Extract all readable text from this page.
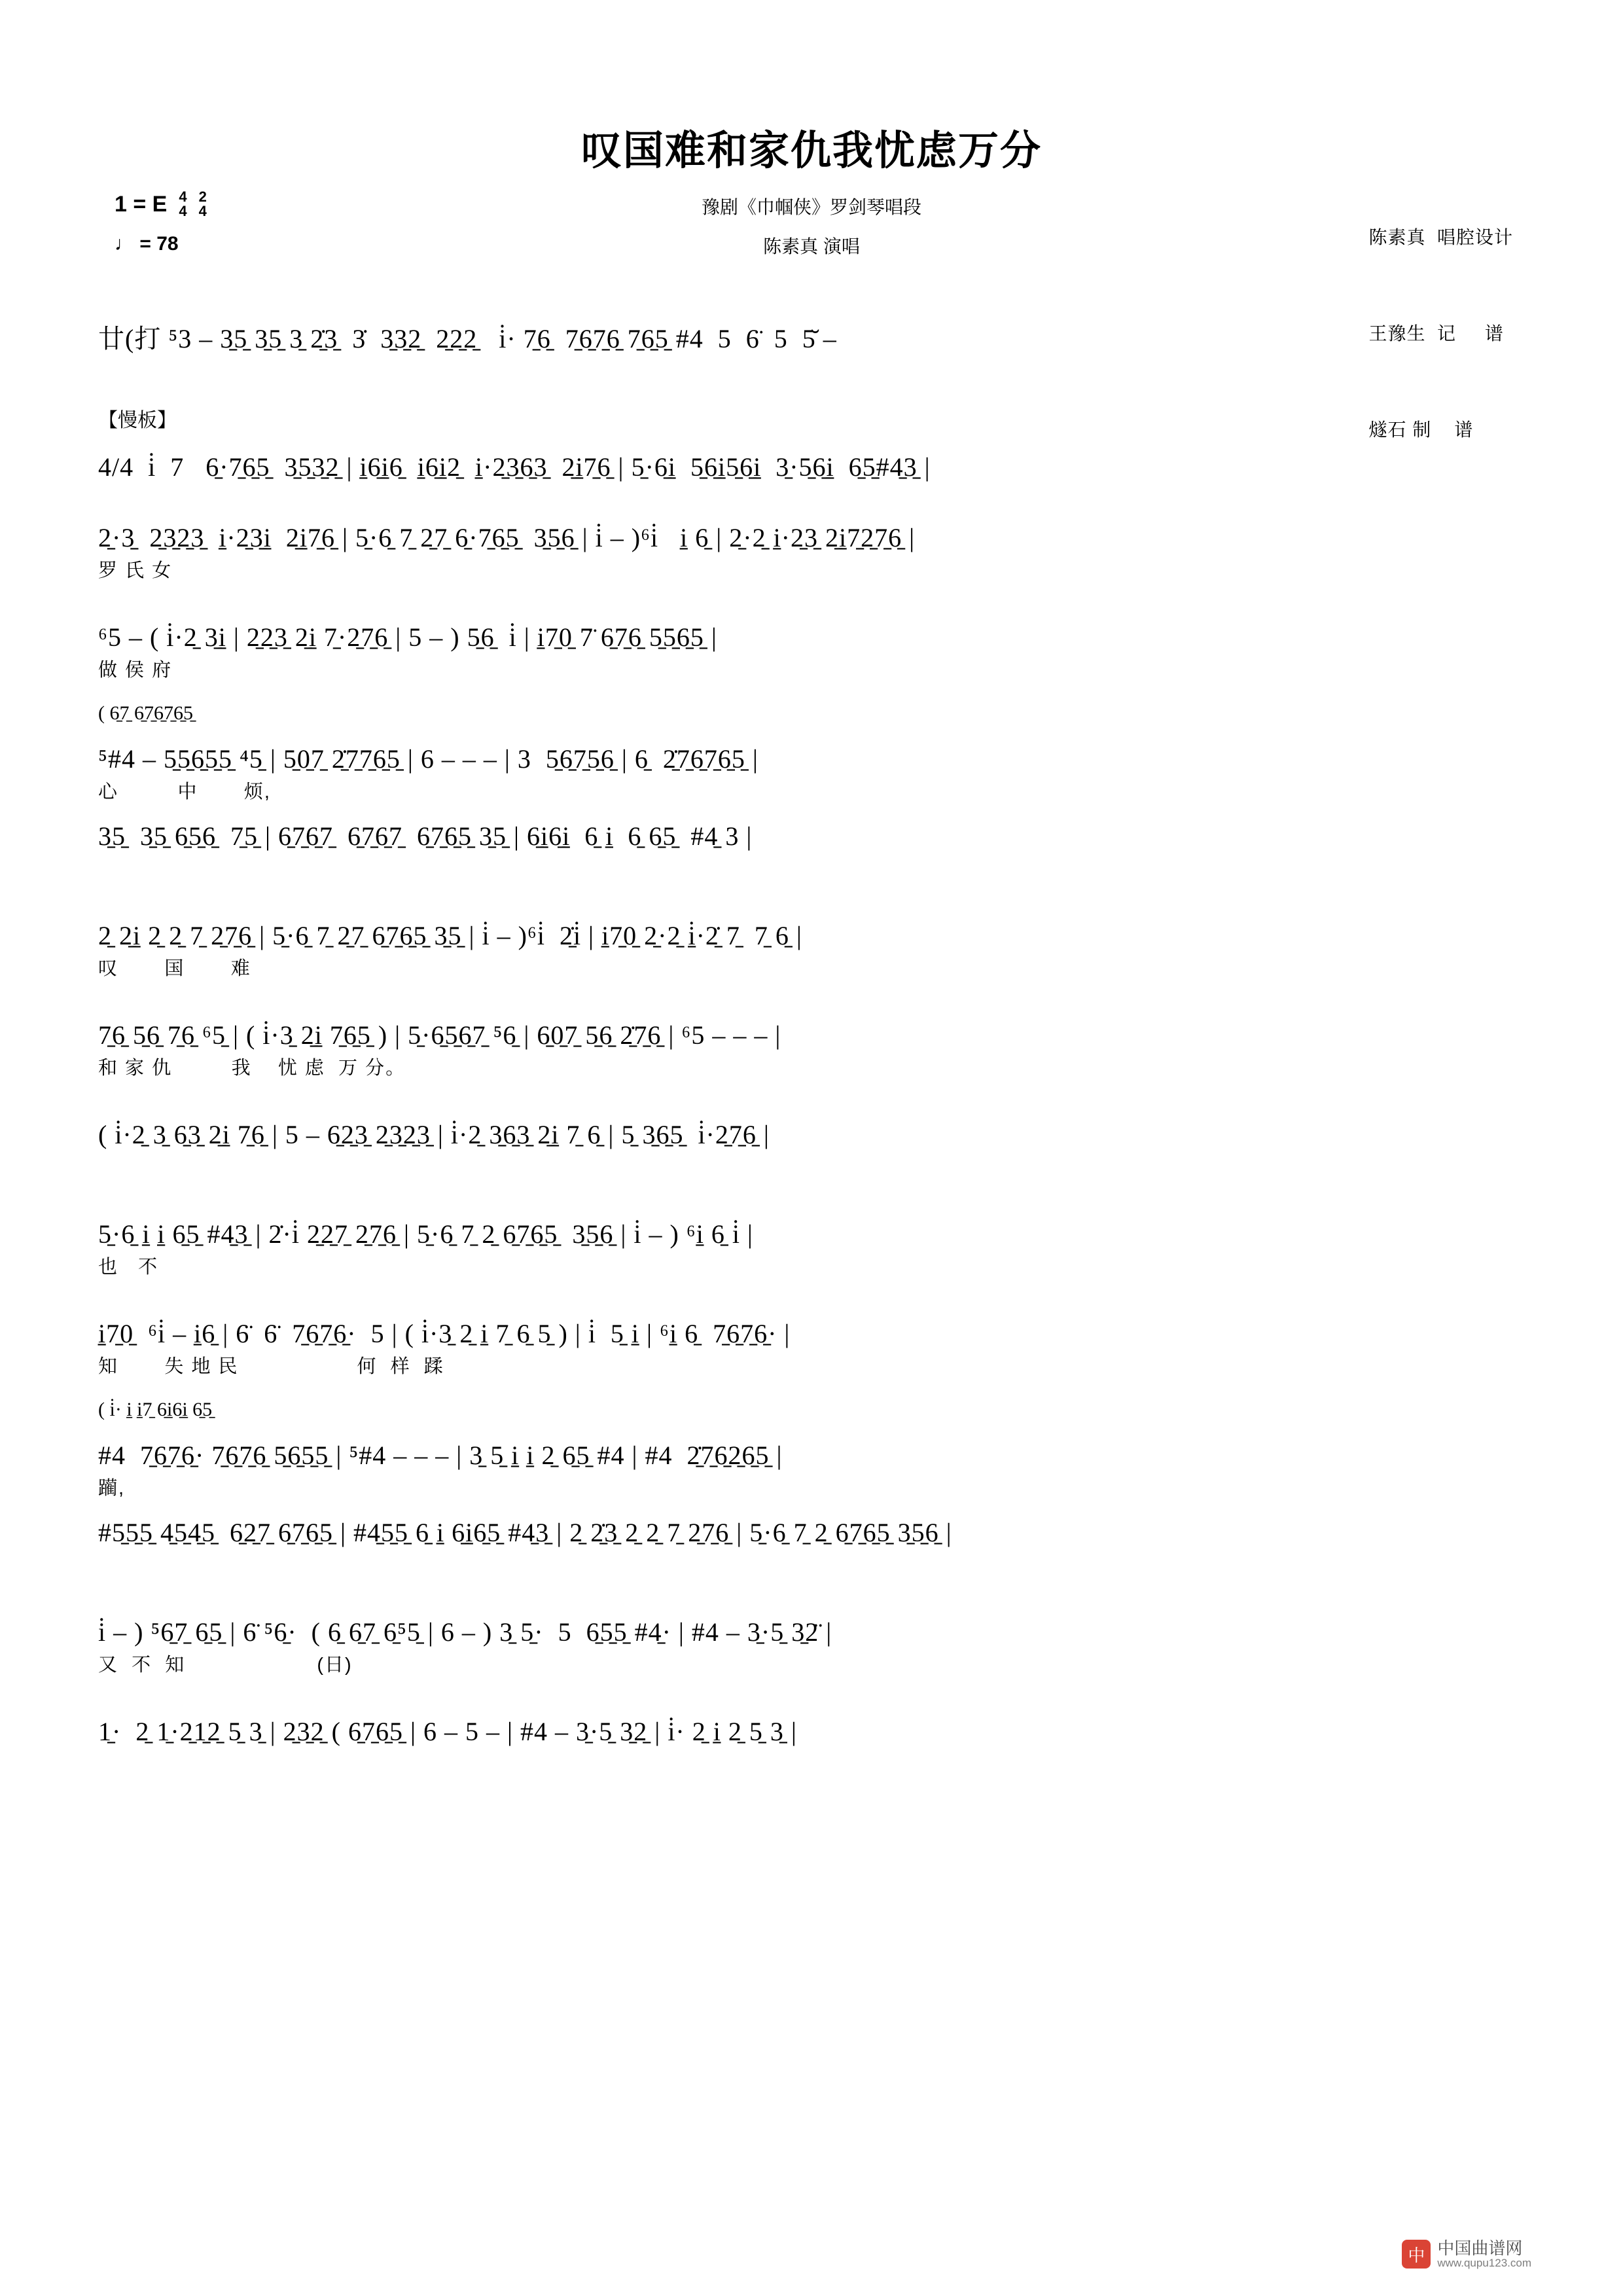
叹国难和家仇我忧虑万分
豫剧《巾帼侠》罗剑琴唱段
陈素真 演唱

	陈素真  唱腔设计

王豫生  记     谱

燧石 制    谱

1 = E 4
4
2
4
♩ = 78
廿(打 ⁵3 – 3̱5̱ 3̱5̱ 3̱ 2̱̇3̱  3̇  3̱3̱2̱  2̱2̱2̱   i̇· 7̱6̱  7̱6̱7̱6̱ 7̱6̱5̱ #4  5  6̈  5  5̆ –
【慢板】
4/4  i̇  7   6̱·7̱6̱5̱  3̱5̱3̱2̱ | i̱6̱i̱6̱  i̱6̱i̱2̱  i̱·2̱3̱6̱3̱  2̱i̱7̱6̱ | 5̱·6̱i̱  5̱6̱i̱5̱6̱i̱  3̱·5̱6̱i̱  6̱5̱#4̱3̱ |
2̱·3̱  2̱3̱2̱3̱  i̱·2̱3̱i̱  2̱i̱7̱6̱ | 5̱·6̱ 7̱ 2̱7̱ 6̱·7̱6̱5̱  3̱5̱6̱ | i̇ – )⁶i̇   i̱ 6̱ | 2̱·2̱ i̱·2̱3̱ 2̱i̱7̱2̱7̱6̱ |
罗 氏 女
⁶5 – ( i̇·2̱ 3̱i̱ | 2̱2̱3̱ 2̱i̱ 7̱·2̱7̱6̱ | 5 – ) 5̱6̱  i̇ | i̱7̱0̱ 7̈ 6̱7̱6̱ 5̱5̱6̱5̱ |
做 侯 府
( 6̱7̱ 6̱7̱6̱7̱6̱5̱
⁵#4 – 5̱5̱6̱5̱5̱ ⁴5̱ | 5̱0̱7̱ 2̱̇7̱7̱6̱5̱ | 6 – – – | 3  5̱6̱7̱5̱6̱ | 6̱  2̱̇7̱6̱7̱6̱5̱ |
心         中       烦,
3̱5̱  3̱5̱ 6̱5̱6̱  7̱5̱ | 6̱7̱6̱7̱  6̱7̱6̱7̱  6̱7̱6̱5̱ 3̱5̱ | 6̱i̱6̱i̱  6̱ i̱  6̱ 6̱5̱  #4̱ 3 |
2̱ 2̱i̱ 2̱ 2̱ 7̱ 2̱7̱6̱ | 5̱·6̱ 7̱ 2̱7̱ 6̱7̱6̱5̱ 3̱5̱ | i̇ – )⁶i̇  2̱̇i̇ | i̱7̱0̱ 2̱·2̱ i̱̇·2̱̇ 7̱  7̱ 6̱ |
叹       国       难
7̱6̱ 5̱6̱ 7̱6̱ ⁶5̱ | ( i̇·3̱ 2̱i̱ 7̱6̱5̱ ) | 5̱·6̱5̱6̱7̱ ⁵6̱ | 6̱0̱7̱ 5̱6̱ 2̱̇7̱6̱ | ⁶5 – – – |
和 家 仇         我    忧 虑  万 分。
( i̇·2̱ 3̱ 6̱3̱ 2̱i̱ 7̱6̱ | 5 – 6̱2̱3̱ 2̱3̱2̱3̱ | i̇·2̱ 3̱6̱3̱ 2̱i̱ 7̱ 6̱ | 5̱ 3̱6̱5̱  i̇·2̱7̱6̱ |
5̱·6̱ i̱ i̱ 6̱5̱ #4̱3̱ | 2̇·i̇ 2̱2̱7̱ 2̱7̱6̱ | 5̱·6̱ 7̱ 2̱ 6̱7̱6̱5̱  3̱5̱6̱ | i̇ – ) ⁶i̱ 6̱ i̇ |
也   不
i̱7̱0̱  ⁶i̇ – i̱6̱ | 6̈  6̈  7̱6̱7̱6̱·  5 | ( i̇·3̱ 2̱ i̱ 7̱ 6̱ 5̱ ) | i̇  5̱ i̱ | ⁶i̱ 6̱  7̱6̱7̱6̱· |
知       失 地 民                  何  样  蹂
( i̇· i̱ i̱7̱ 6̱i̱6̱i̱ 6̱5̱
#4  7̱6̱7̱6̱· 7̱6̱7̱6̱ 5̱6̱5̱5̱ | ⁵#4 – – – | 3̱ 5̱ i̱ i̱ 2̱ 6̱5̱ #4 | #4  2̱̇7̱6̱2̱6̱5̱ |
躏,
#5̱5̱5̱ 4̱5̱4̱5̱  6̱2̱7̱ 6̱7̱6̱5̱ | #4̱5̱5̱ 6̱ i̱ 6̱i̱6̱5̱ #4̱3̱ | 2̱ 2̱̇3̱ 2̱ 2̱ 7̱ 2̱7̱6̱ | 5̱·6̱ 7̱ 2̱ 6̱7̱6̱5̱ 3̱5̱6̱ |
i̇ – ) ⁵6̱7̱ 6̱5̱ | 6̈ ⁵6̱·  ( 6̱ 6̱7̱ 6̱⁵5̱ | 6 – ) 3̱ 5̱·  5  6̱5̱5̱ #4̱· | #4 – 3̱·5̱ 3̱2̈ |
又  不  知                    (日)
1̱·  2̱ 1̱·2̱1̱2̱ 5̱ 3̱ | 2̱3̱2̱ ( 6̱7̱6̱5̱ | 6 – 5 – | #4 – 3̱·5̱ 3̱2̱ | i̇· 2̱ i̱ 2̱ 5̱ 3̱ |
中 中国曲谱网
www.qupu123.com
